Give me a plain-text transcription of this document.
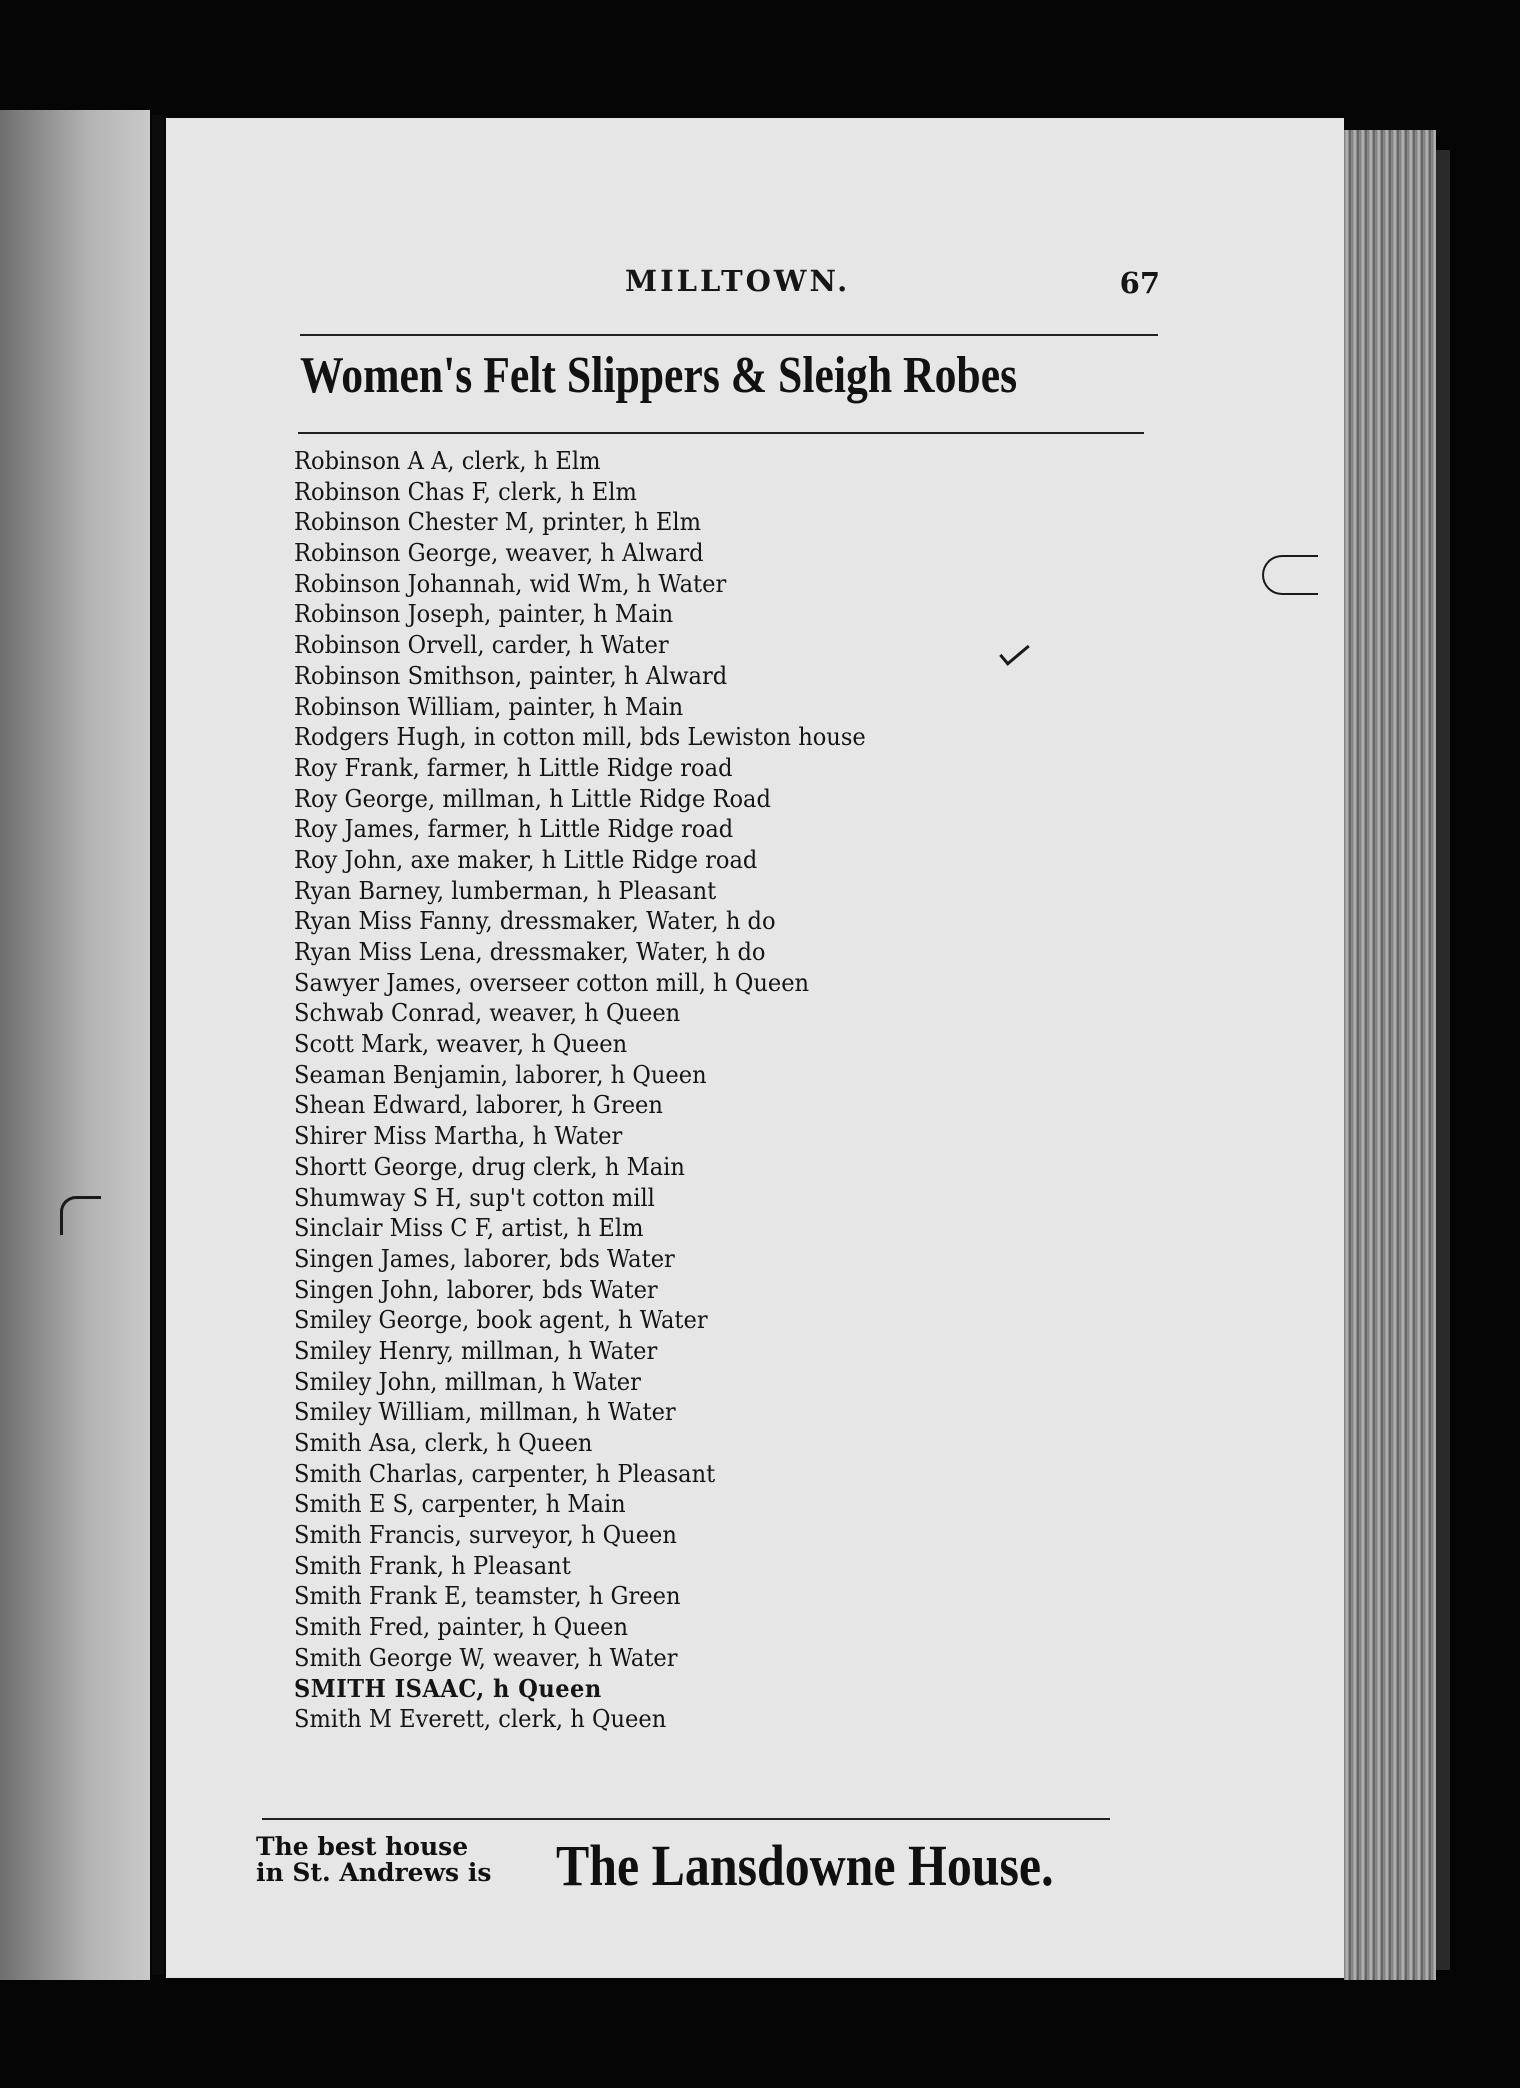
MILLTOWN.	67
Women's Felt Slippers & Sleigh Robes
Robinson A A, clerk, h Elm
Robinson Chas F, clerk, h Elm
Robinson Chester M, printer, h Elm
Robinson George, weaver, h Alward
Robinson Johannah, wid Wm, h Water
Robinson Joseph, painter, h Main
Robinson Orvell, carder, h Water
Robinson Smithson, painter, h Alward
Robinson William, painter, h Main
Rodgers Hugh, in cotton mill, bds Lewiston house
Roy Frank, farmer, h Little Ridge road
Roy George, millman, h Little Ridge Road
Roy James, farmer, h Little Ridge road
Roy John, axe maker, h Little Ridge road
Ryan Barney, lumberman, h Pleasant
Ryan Miss Fanny, dressmaker, Water, h do
Ryan Miss Lena, dressmaker, Water, h do
Sawyer James, overseer cotton mill, h Queen
Schwab Conrad, weaver, h Queen
Scott Mark, weaver, h Queen
Seaman Benjamin, laborer, h Queen
Shean Edward, laborer, h Green
Shirer Miss Martha, h Water
Shortt George, drug clerk, h Main
Shumway S H, sup't cotton mill
Sinclair Miss C F, artist, h Elm
Singen James, laborer, bds Water
Singen John, laborer, bds Water
Smiley George, book agent, h Water
Smiley Henry, millman, h Water
Smiley John, millman, h Water
Smiley William, millman, h Water
Smith Asa, clerk, h Queen
Smith Charlas, carpenter, h Pleasant
Smith E S, carpenter, h Main
Smith Francis, surveyor, h Queen
Smith Frank, h Pleasant
Smith Frank E, teamster, h Green
Smith Fred, painter, h Queen
Smith George W, weaver, h Water
SMITH ISAAC, h Queen
Smith M Everett, clerk, h Queen
The best house
in St. Andrews is The Lansdowne House.
